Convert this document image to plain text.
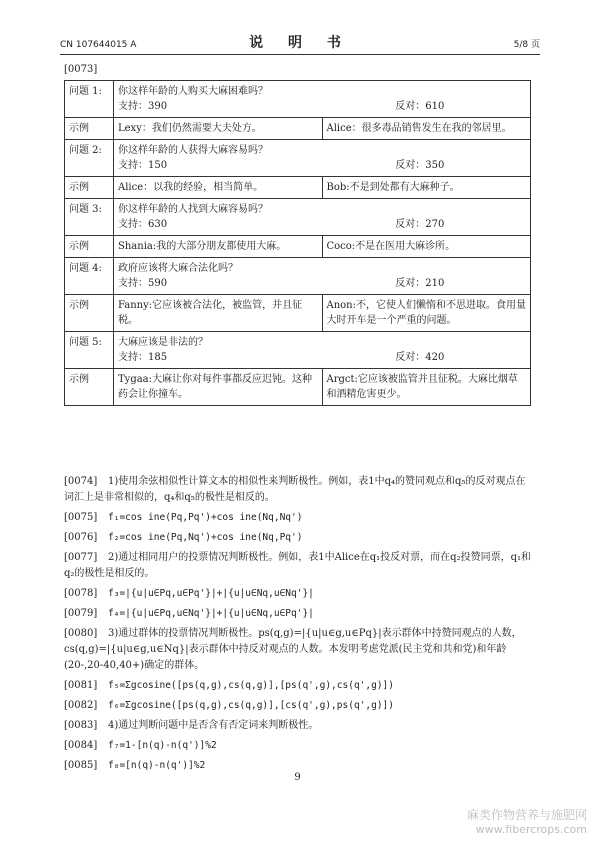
CN 107644015 A	说 明 书	5/8 页
[0073]
问题 1:	你这样年龄的人购买大麻困难吗？
支持：390 反对：610	

示例	Lexy：我们仍然需要大夫处方。	Alice：很多毒品销售发生在我的邻居里。
问题 2:	你这样年龄的人获得大麻容易吗？
支持：150 反对：350	

示例	Alice：以我的经验，相当简单。	Bob:不是到处都有大麻种子。
问题 3:	你这样年龄的人找到大麻容易吗？
支持：630 反对：270	

示例	Shania:我的大部分朋友都使用大麻。	Coco:不是在医用大麻诊所。
问题 4:	政府应该将大麻合法化吗？
支持：590 反对：210	

示例	Fanny:它应该被合法化，被监管，并且征税。	Anon:不，它使人们懒惰和不思进取。食用量大时开车是一个严重的问题。
问题 5:	大麻应该是非法的？
支持：185 反对：420	

示例	Tygaa:大麻让你对每件事都反应迟钝。这种药会让你撞车。	Argct:它应该被监管并且征税。大麻比烟草和酒精危害更少。

[0074] 1)使用余弦相似性计算文本的相似性来判断极性。例如，表1中q₄的赞同观点和q₅的反对观点在词汇上是非常相似的，q₄和q₅的极性是相反的。

[0075] f₁=cos ine(Pq,Pq')+cos ine(Nq,Nq')

[0076] f₂=cos ine(Pq,Nq')+cos ine(Nq,Pq')

[0077] 2)通过相同用户的投票情况判断极性。例如，表1中Alice在q₁投反对票，而在q₂投赞同票，q₁和q₂的极性是相反的。

[0078] f₃=|{u|u∈Pq,u∈Pq'}|+|{u|u∈Nq,u∈Nq'}|

[0079] f₄=|{u|u∈Pq,u∈Nq'}|+|{u|u∈Nq,u∈Pq'}|

[0080] 3)通过群体的投票情况判断极性。ps(q,g)=|{u|u∈g,u∈Pq}|表示群体中持赞同观点的人数，cs(q,g)=|{u|u∈g,u∈Nq}|表示群体中持反对观点的人数。本发明考虑党派(民主党和共和党)和年龄(20-,20-40,40+)确定的群体。

[0081] f₅=Σgcosine([ps(q,g),cs(q,g)],[ps(q',g),cs(q',g)])

[0082] f₆=Σgcosine([ps(q,g),cs(q,g)],[cs(q',g),ps(q',g)])

[0083] 4)通过判断问题中是否含有否定词来判断极性。

[0084] f₇=1-[n(q)-n(q')]%2

[0085] f₈=[n(q)-n(q')]%2

9
麻类作物营养与施肥网
www.fibercrops.com
